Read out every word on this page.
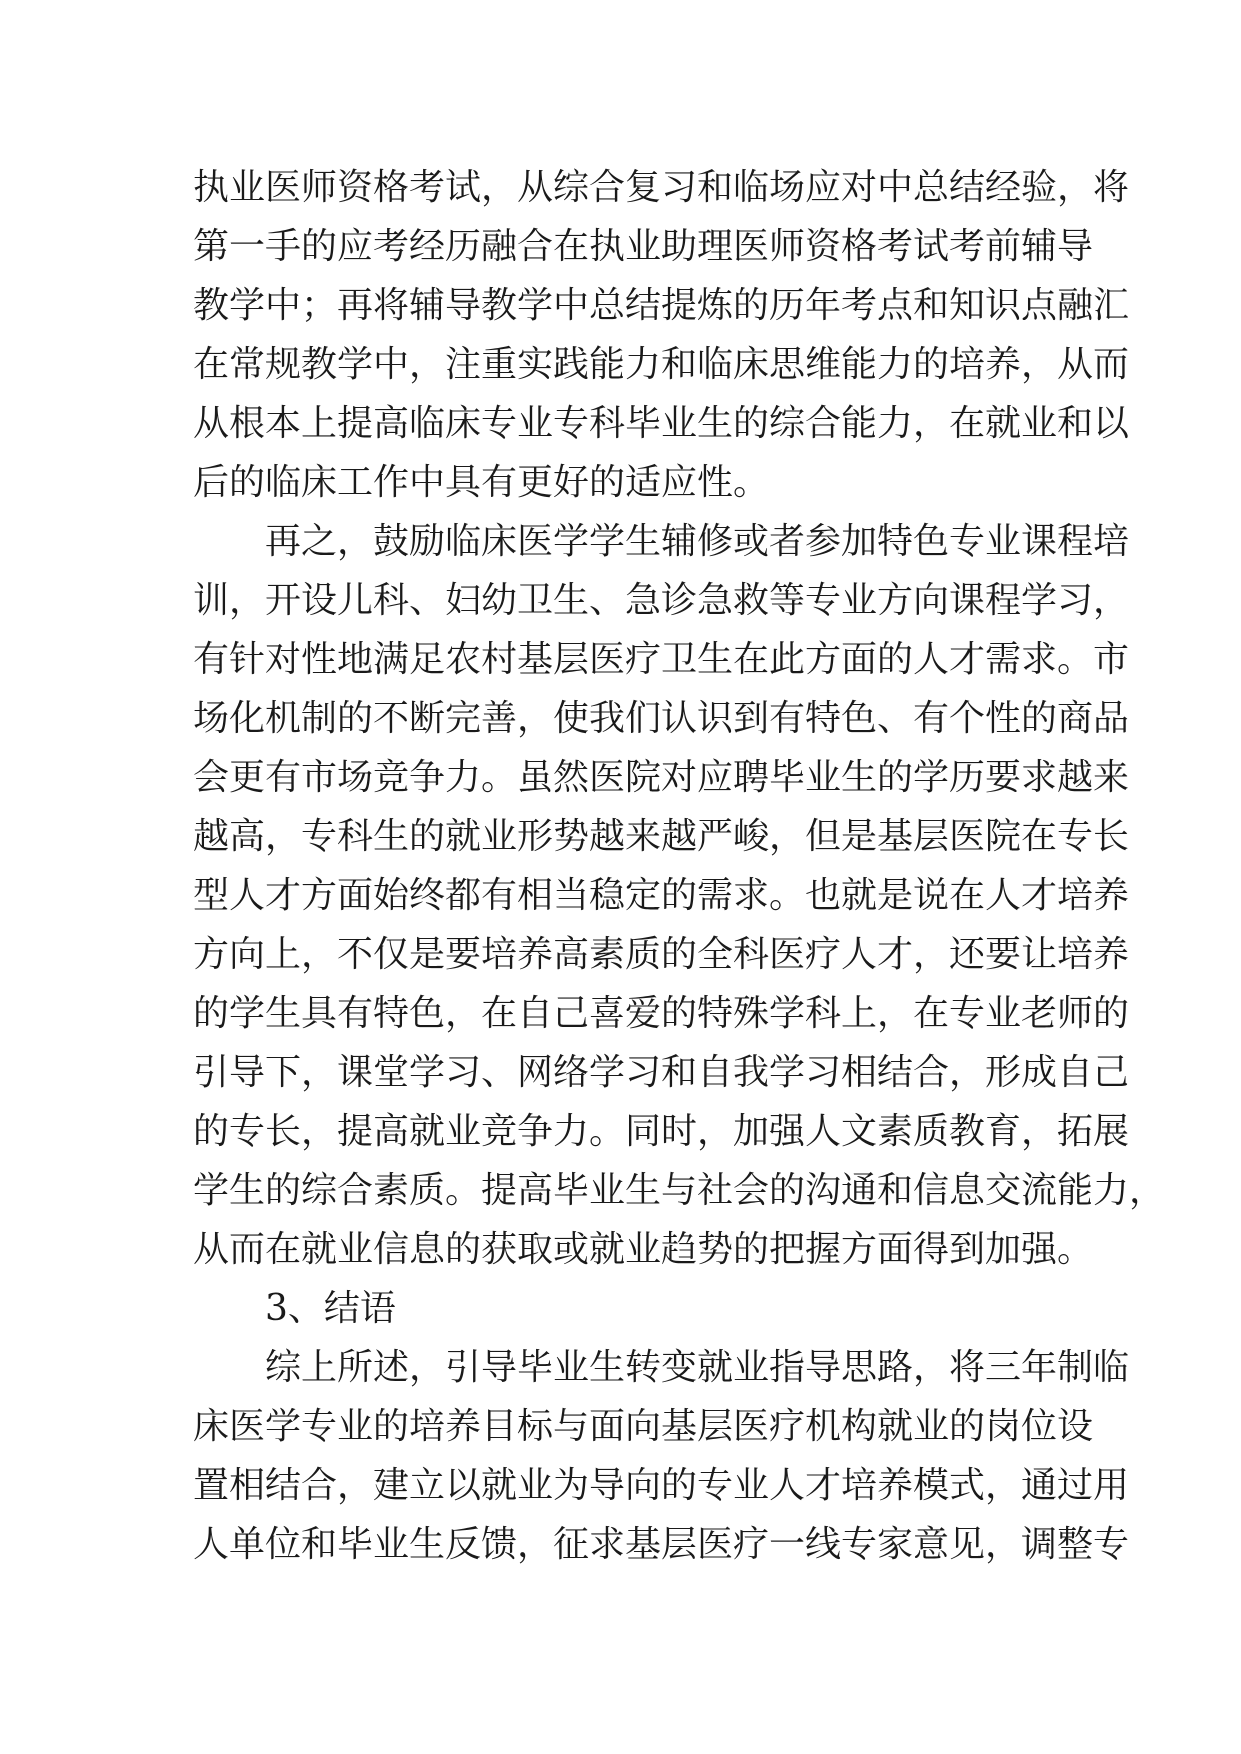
执业医师资格考试，从综合复习和临场应对中总结经验，将
第一手的应考经历融合在执业助理医师资格考试考前辅导
教学中；再将辅导教学中总结提炼的历年考点和知识点融汇
在常规教学中，注重实践能力和临床思维能力的培养，从而
从根本上提高临床专业专科毕业生的综合能力，在就业和以
后的临床工作中具有更好的适应性。
再之，鼓励临床医学学生辅修或者参加特色专业课程培
训，开设儿科、妇幼卫生、急诊急救等专业方向课程学习，
有针对性地满足农村基层医疗卫生在此方面的人才需求。市
场化机制的不断完善，使我们认识到有特色、有个性的商品
会更有市场竞争力。虽然医院对应聘毕业生的学历要求越来
越高，专科生的就业形势越来越严峻，但是基层医院在专长
型人才方面始终都有相当稳定的需求。也就是说在人才培养
方向上，不仅是要培养高素质的全科医疗人才，还要让培养
的学生具有特色，在自己喜爱的特殊学科上，在专业老师的
引导下，课堂学习、网络学习和自我学习相结合，形成自己
的专长，提高就业竞争力。同时，加强人文素质教育，拓展
学生的综合素质。提高毕业生与社会的沟通和信息交流能力，
从而在就业信息的获取或就业趋势的把握方面得到加强。
3、结语
综上所述，引导毕业生转变就业指导思路，将三年制临
床医学专业的培养目标与面向基层医疗机构就业的岗位设
置相结合，建立以就业为导向的专业人才培养模式，通过用
人单位和毕业生反馈，征求基层医疗一线专家意见，调整专
